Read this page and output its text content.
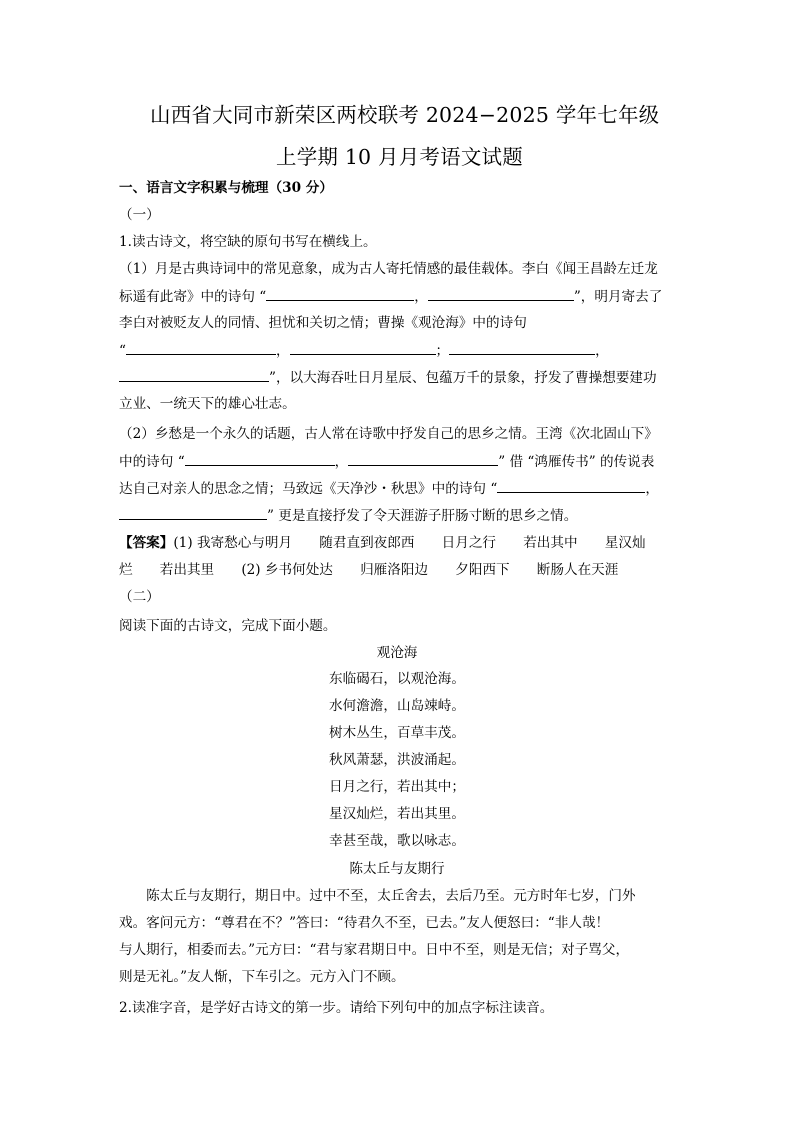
山西省大同市新荣区两校联考 2024−2025 学年七年级
上学期 10 月月考语文试题
一、语言文字积累与梳理（30 分）
（一）
1.读古诗文，将空缺的原句书写在横线上。
（1）月是古典诗词中的常见意象，成为古人寄托情感的最佳载体。李白《闻王昌龄左迁龙
标遥有此寄》中的诗句 “	，	”，明月寄去了
李白对被贬友人的同情、担忧和关切之情；曹操《观沧海》中的诗句
“	，	；	，
”，以大海吞吐日月星辰、包蕴万千的景象，抒发了曹操想要建功
立业、一统天下的雄心壮志。
（2）乡愁是一个永久的话题，古人常在诗歌中抒发自己的思乡之情。王湾《次北固山下》
中的诗句 “	，	” 借 “鸿雁传书” 的传说表
达自己对亲人的思念之情；马致远《天净沙・秋思》中的诗句 “	，
” 更是直接抒发了令天涯游子肝肠寸断的思乡之情。
【答案】(1) 我寄愁心与明月　　随君直到夜郎西　　日月之行　　若出其中　　星汉灿
烂　　若出其里　　(2) 乡书何处达　　归雁洛阳边　　夕阳西下　　断肠人在天涯
（二）
阅读下面的古诗文，完成下面小题。
观沧海
东临碣石，以观沧海。
水何澹澹，山岛竦峙。
树木丛生，百草丰茂。
秋风萧瑟，洪波涌起。
日月之行，若出其中；
星汉灿烂，若出其里。
幸甚至哉，歌以咏志。
陈太丘与友期行
　　陈太丘与友期行，期日中。过中不至，太丘舍去，去后乃至。元方时年七岁，门外
戏。客问元方：“尊君在不？”答曰：“待君久不至，已去。”友人便怒曰：“非人哉！
与人期行，相委而去。”元方曰：“君与家君期日中。日中不至，则是无信；对子骂父，
则是无礼。”友人惭，下车引之。元方入门不顾。
2.读准字音，是学好古诗文的第一步。请给下列句中的加点字标注读音。
